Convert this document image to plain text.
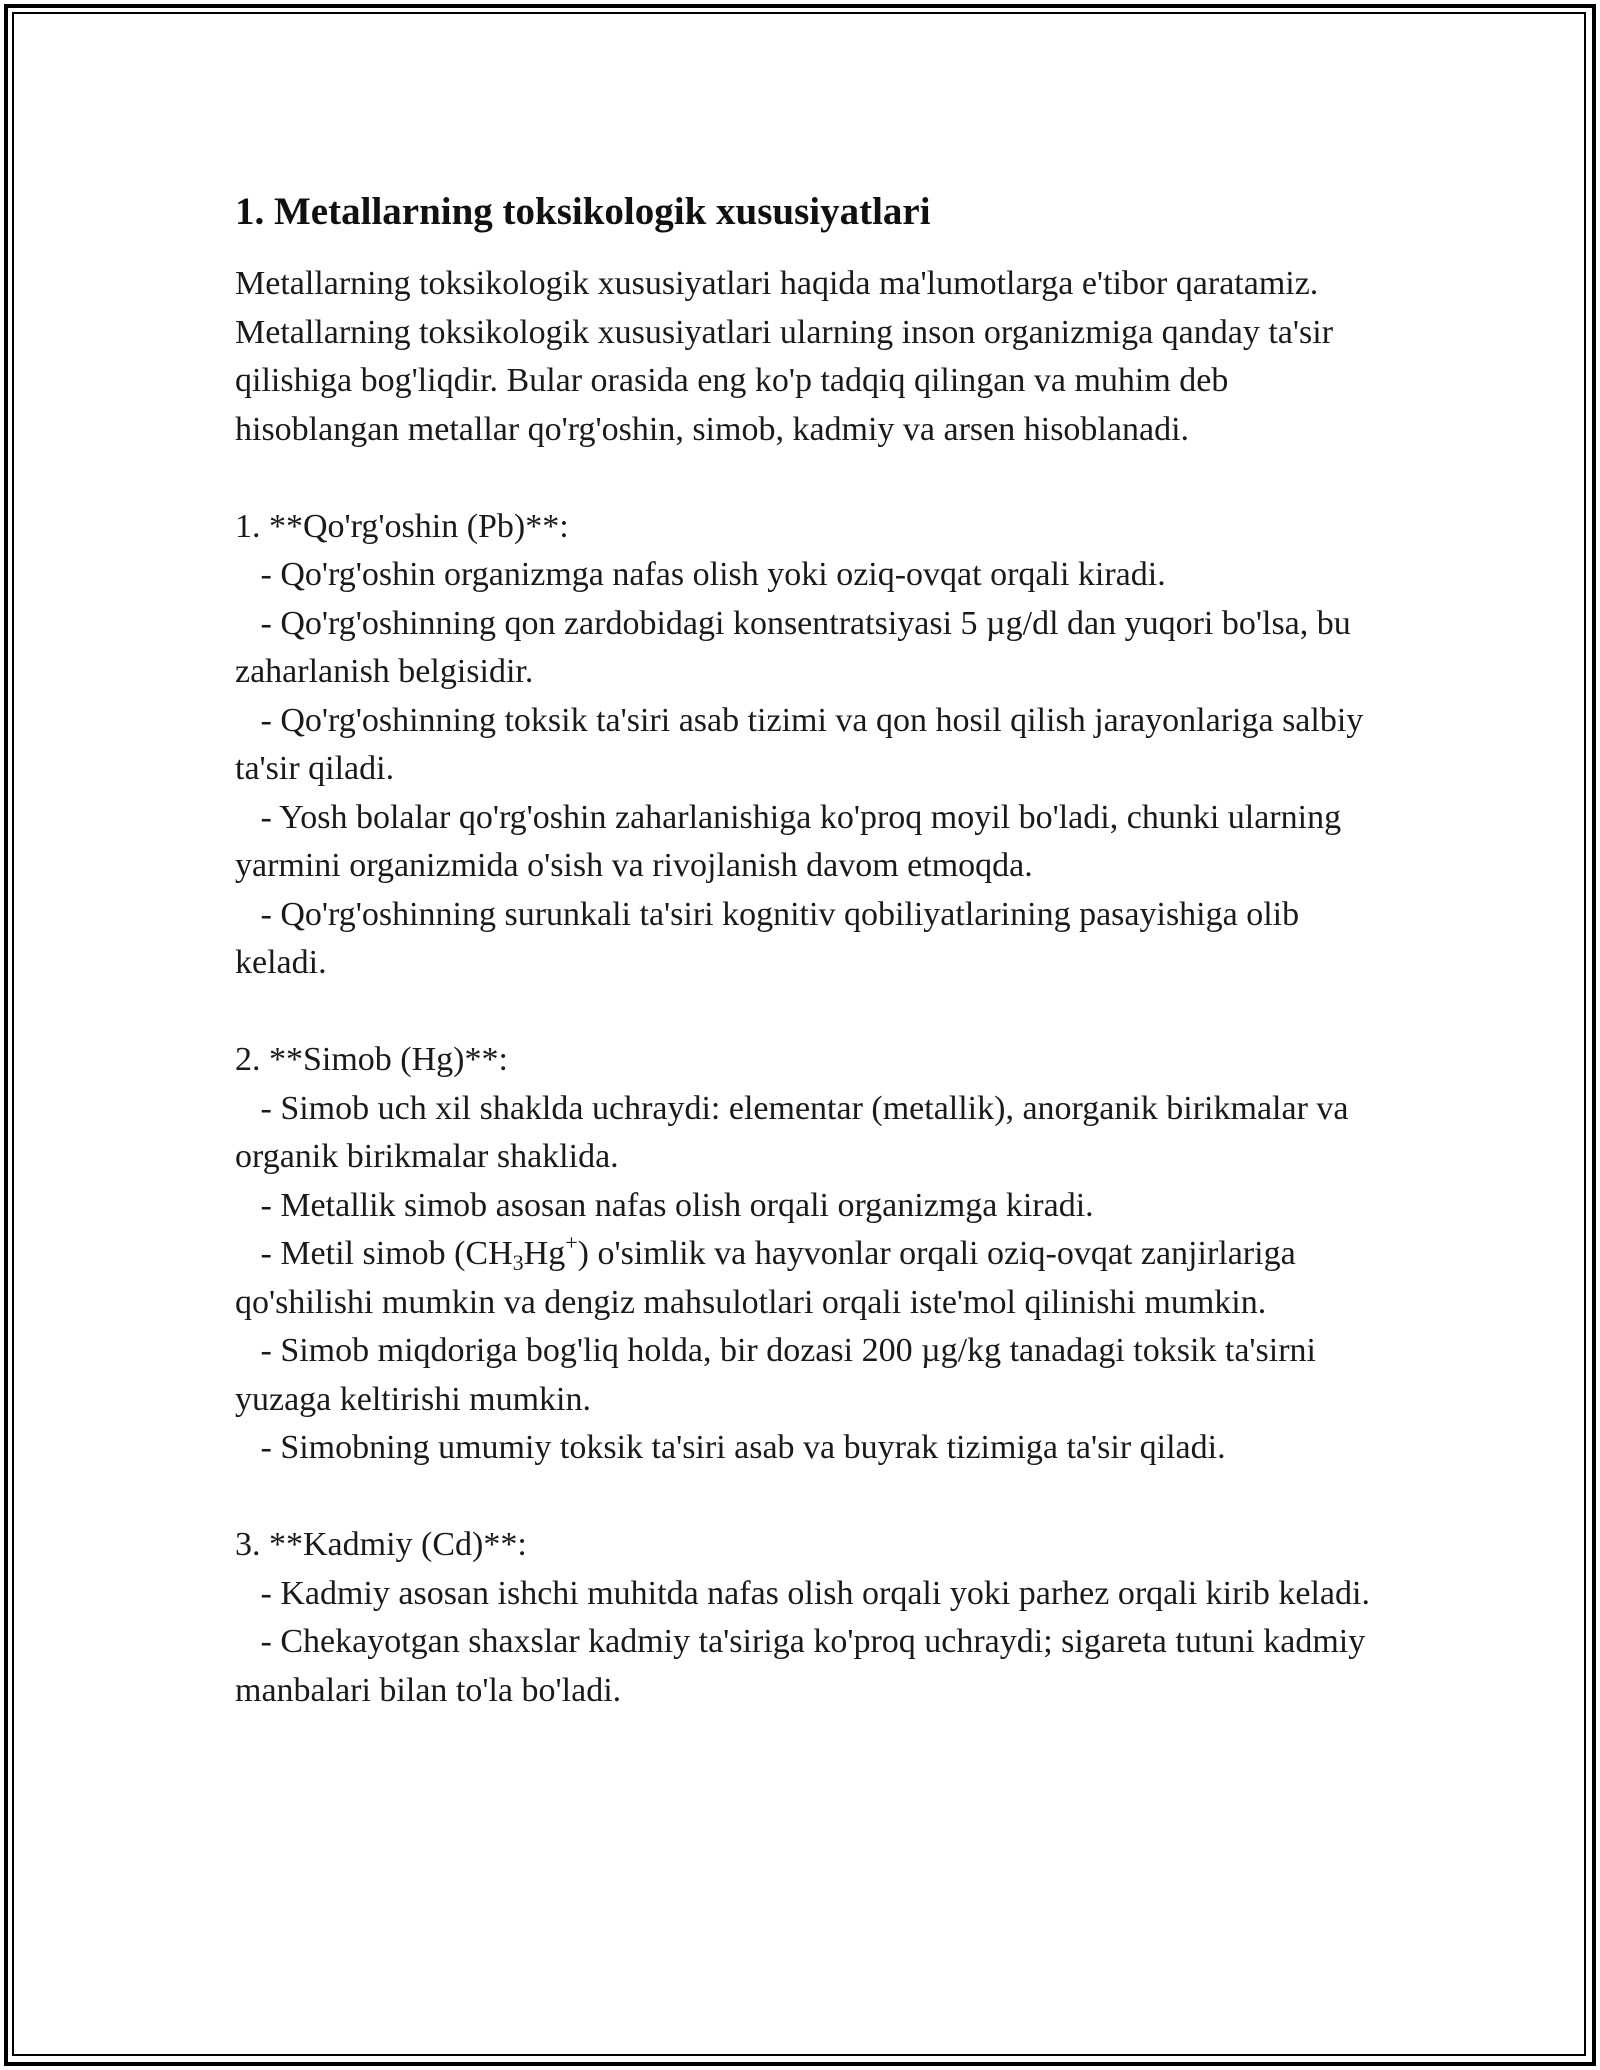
1. Metallarning toksikologik xususiyatlari

Metallarning toksikologik xususiyatlari haqida ma'lumotlarga e'tibor qaratamiz. Metallarning toksikologik xususiyatlari ularning inson organizmiga qanday ta'sir qilishiga bog'liqdir. Bular orasida eng ko'p tadqiq qilingan va muhim deb hisoblangan metallar qo'rg'oshin, simob, kadmiy va arsen hisoblanadi.

1. **Qo'rg'oshin (Pb)**:

- Qo'rg'oshin organizmga nafas olish yoki oziq-ovqat orqali kiradi.

- Qo'rg'oshinning qon zardobidagi konsentratsiyasi 5 µg/dl dan yuqori bo'lsa, bu zaharlanish belgisidir.

- Qo'rg'oshinning toksik ta'siri asab tizimi va qon hosil qilish jarayonlariga salbiy ta'sir qiladi.

- Yosh bolalar qo'rg'oshin zaharlanishiga ko'proq moyil bo'ladi, chunki ularning yarmini organizmida o'sish va rivojlanish davom etmoqda.

- Qo'rg'oshinning surunkali ta'siri kognitiv qobiliyatlarining pasayishiga olib keladi.

2. **Simob (Hg)**:

- Simob uch xil shaklda uchraydi: elementar (metallik), anorganik birikmalar va organik birikmalar shaklida.

- Metallik simob asosan nafas olish orqali organizmga kiradi.

- Metil simob $(CH_3Hg^+)$ o'simlik va hayvonlar orqali oziq-ovqat zanjirlariga qo'shilishi mumkin va dengiz mahsulotlari orqali iste'mol qilinishi mumkin.

- Simob miqdoriga bog'liq holda, bir dozasi 200 µg/kg tanadagi toksik ta'sirni yuzaga keltirishi mumkin.

- Simobning umumiy toksik ta'siri asab va buyrak tizimiga ta'sir qiladi.

3. **Kadmiy (Cd)**:

- Kadmiy asosan ishchi muhitda nafas olish orqali yoki parhez orqali kirib keladi.

- Chekayotgan shaxslar kadmiy ta'siriga ko'proq uchraydi; sigareta tutuni kadmiy manbalari bilan to'la bo'ladi.
